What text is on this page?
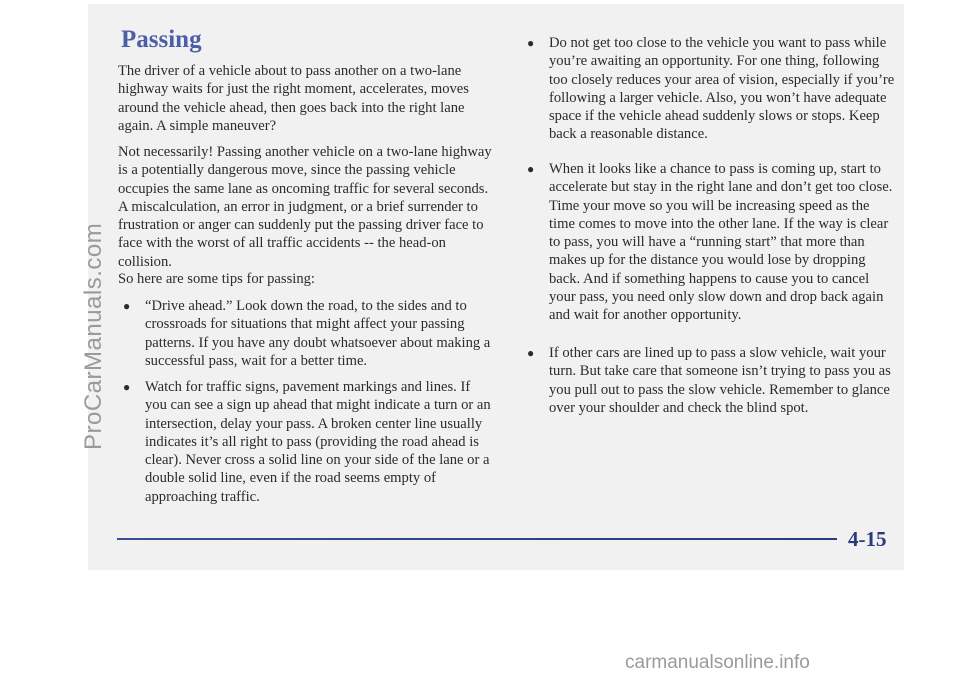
Passing

The driver of a vehicle about to pass another on a two-lane highway waits for just the right moment, accelerates, moves around the vehicle ahead, then goes back into the right lane again. A simple maneuver?

Not necessarily! Passing another vehicle on a two-lane highway is a potentially dangerous move, since the passing vehicle occupies the same lane as oncoming traffic for several seconds. A miscalculation, an error in judgment, or a brief surrender to frustration or anger can suddenly put the passing driver face to face with the worst of all traffic accidents -- the head-on collision.

So here are some tips for passing:

● “Drive ahead.” Look down the road, to the sides and to crossroads for situations that might affect your passing patterns. If you have any doubt whatsoever about making a successful pass, wait for a better time.
● Watch for traffic signs, pavement markings and lines. If you can see a sign up ahead that might indicate a turn or an intersection, delay your pass. A broken center line usually indicates it’s all right to pass (providing the road ahead is clear). Never cross a solid line on your side of the lane or a double solid line, even if the road seems empty of approaching traffic.
● Do not get too close to the vehicle you want to pass while you’re awaiting an opportunity. For one thing, following too closely reduces your area of vision, especially if you’re following a larger vehicle. Also, you won’t have adequate space if the vehicle ahead suddenly slows or stops. Keep back a reasonable distance.
● When it looks like a chance to pass is coming up, start to accelerate but stay in the right lane and don’t get too close. Time your move so you will be increasing speed as the time comes to move into the other lane. If the way is clear to pass, you will have a “running start” that more than makes up for the distance you would lose by dropping back. And if something happens to cause you to cancel your pass, you need only slow down and drop back again and wait for another opportunity.
● If other cars are lined up to pass a slow vehicle, wait your turn. But take care that someone isn’t trying to pass you as you pull out to pass the slow vehicle. Remember to glance over your shoulder and check the blind spot.

4-15

ProCarManuals.com

carmanualsonline.info
